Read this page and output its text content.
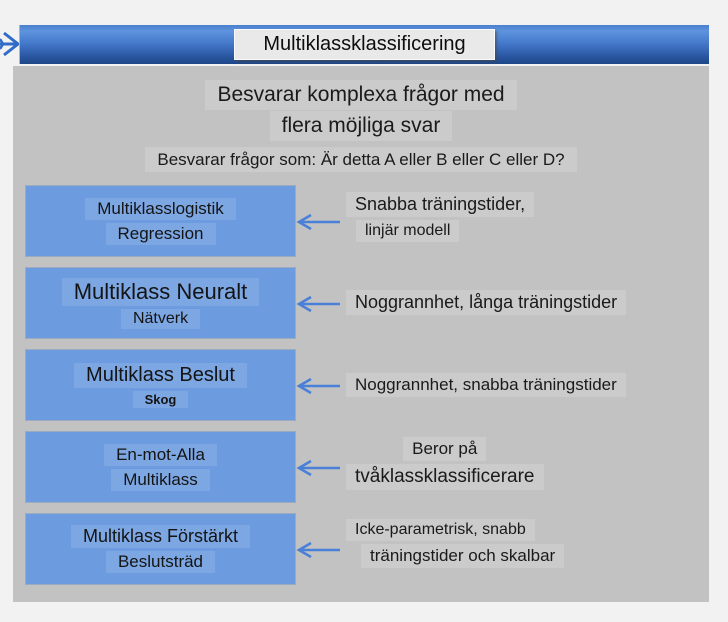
Multiklassklassificering
Besvarar komplexa frågor med
flera möjliga svar
Besvarar frågor som: Är detta A eller B eller C eller D?
Multiklasslogistik
Regression
Snabba träningstider,
linjär modell
Multiklass Neuralt
Nätverk
Noggrannhet, långa träningstider
Multiklass Beslut
Skog
Noggrannhet, snabba träningstider
En-mot-Alla
Multiklass
Beror på
tvåklassklassificerare
Multiklass Förstärkt
Beslutsträd
Icke-parametrisk, snabb
träningstider och skalbar
